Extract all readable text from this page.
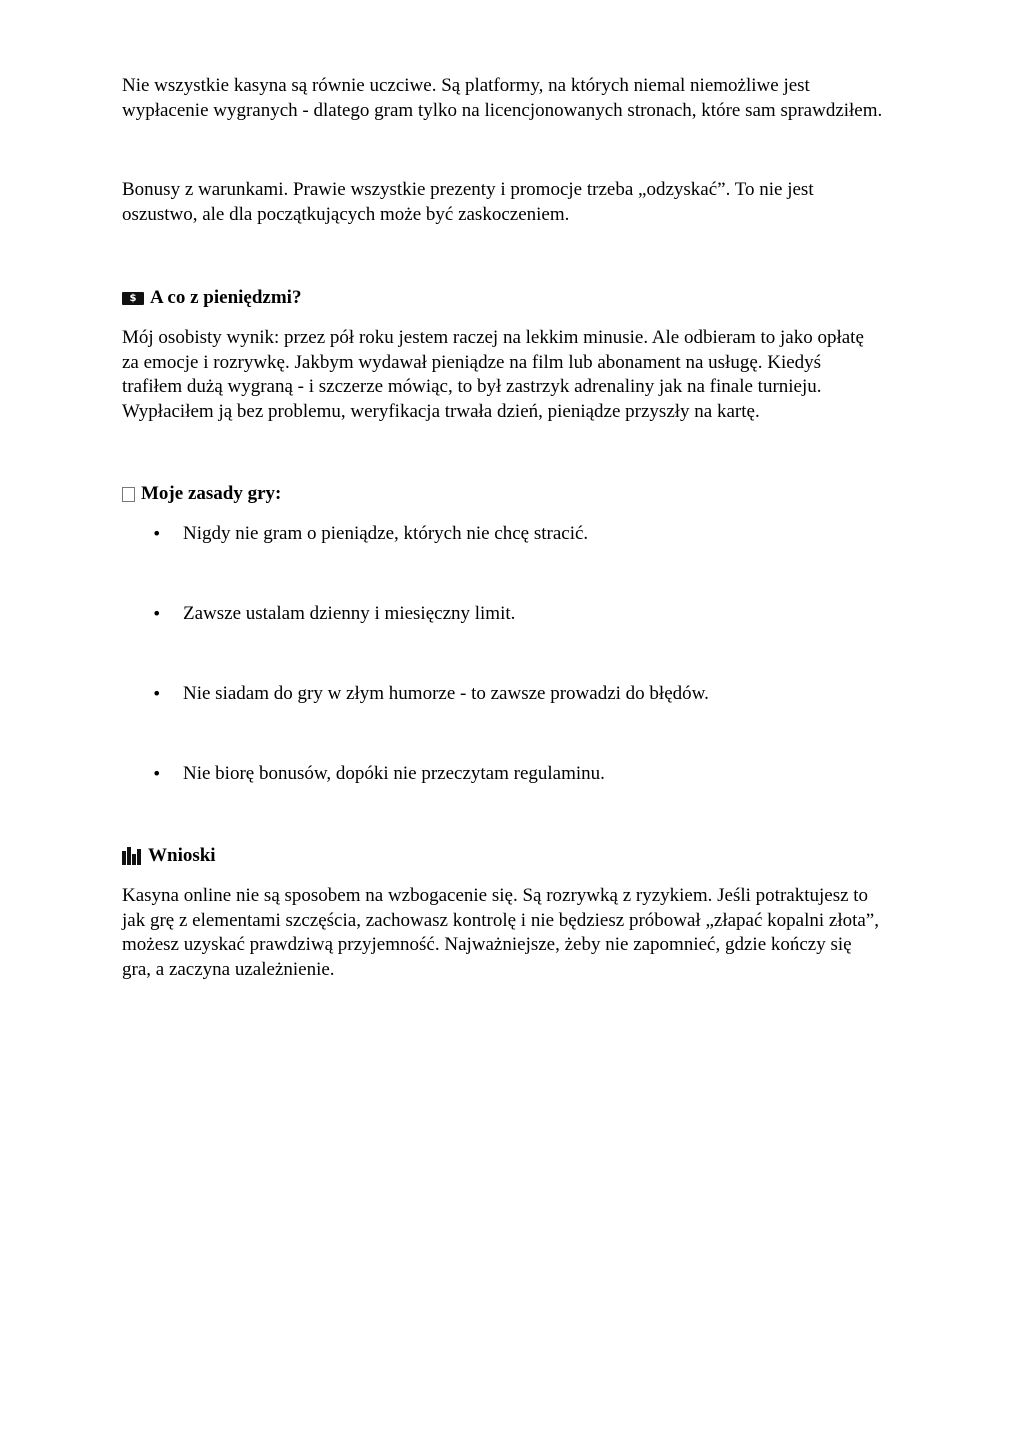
Nie wszystkie kasyna są równie uczciwe. Są platformy, na których niemal niemożliwe jest
wypłacenie wygranych - dlatego gram tylko na licencjonowanych stronach, które sam sprawdziłem.

Bonusy z warunkami. Prawie wszystkie prezenty i promocje trzeba „odzyskać”. To nie jest
oszustwo, ale dla początkujących może być zaskoczeniem.

$ A co z pieniędzmi?

Mój osobisty wynik: przez pół roku jestem raczej na lekkim minusie. Ale odbieram to jako opłatę
za emocje i rozrywkę. Jakbym wydawał pieniądze na film lub abonament na usługę. Kiedyś
trafiłem dużą wygraną - i szczerze mówiąc, to był zastrzyk adrenaliny jak na finale turnieju.
Wypłaciłem ją bez problemu, weryfikacja trwała dzień, pieniądze przyszły na kartę.

Moje zasady gry:
• Nigdy nie gram o pieniądze, których nie chcę stracić.
• Zawsze ustalam dzienny i miesięczny limit.
• Nie siadam do gry w złym humorze - to zawsze prowadzi do błędów.
• Nie biorę bonusów, dopóki nie przeczytam regulaminu.
Wnioski

Kasyna online nie są sposobem na wzbogacenie się. Są rozrywką z ryzykiem. Jeśli potraktujesz to
jak grę z elementami szczęścia, zachowasz kontrolę i nie będziesz próbował „złapać kopalni złota”,
możesz uzyskać prawdziwą przyjemność. Najważniejsze, żeby nie zapomnieć, gdzie kończy się
gra, a zaczyna uzależnienie.
